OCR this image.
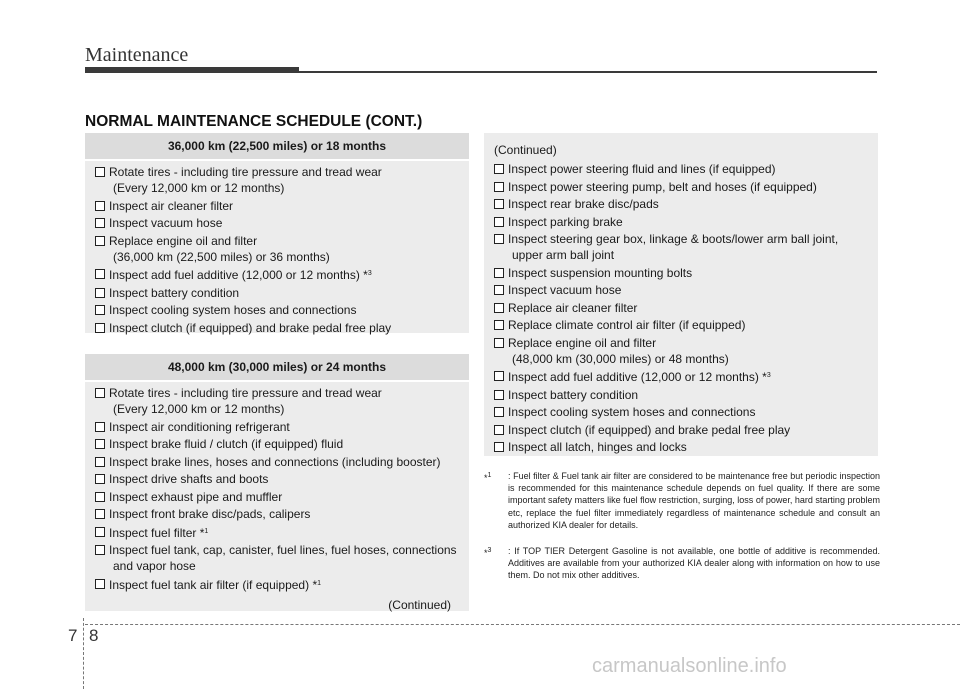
Maintenance
NORMAL MAINTENANCE SCHEDULE (CONT.)
36,000 km (22,500 miles) or 18 months
Rotate tires - including tire pressure and tread wear
(Every 12,000 km or 12 months)
Inspect air cleaner filter
Inspect vacuum hose
Replace engine oil and filter
(36,000 km (22,500 miles) or 36 months)
Inspect add fuel additive (12,000 or 12 months) *$^3$
Inspect battery condition
Inspect cooling system hoses and connections
Inspect clutch (if equipped) and brake pedal free play
48,000 km (30,000 miles) or 24 months
Rotate tires - including tire pressure and tread wear
(Every 12,000 km or 12 months)
Inspect air conditioning refrigerant
Inspect brake fluid / clutch (if equipped) fluid
Inspect brake lines, hoses and connections (including booster)
Inspect drive shafts and boots
Inspect exhaust pipe and muffler
Inspect front brake disc/pads, calipers
Inspect fuel filter *$^1$
Inspect fuel tank, cap, canister, fuel lines, fuel hoses, connections
and vapor hose
Inspect fuel tank air filter (if equipped) *$^1$
(Continued)
(Continued)
Inspect power steering fluid and lines (if equipped)
Inspect power steering pump, belt and hoses (if equipped)
Inspect rear brake disc/pads
Inspect parking brake
Inspect steering gear box, linkage & boots/lower arm ball joint,
upper arm ball joint
Inspect suspension mounting bolts
Inspect vacuum hose
Replace air cleaner filter
Replace climate control air filter (if equipped)
Replace engine oil and filter
(48,000 km (30,000 miles) or 48 months)
Inspect add fuel additive (12,000 or 12 months) *$^3$
Inspect battery condition
Inspect cooling system hoses and connections
Inspect clutch (if equipped) and brake pedal free play
Inspect all latch, hinges and locks
*$^1$	: Fuel filter & Fuel tank air filter are considered to be maintenance free but periodic inspection is recommended for this maintenance schedule depends on fuel quality. If there are some important safety matters like fuel flow restriction, surging, loss of power, hard starting problem etc, replace the fuel filter immediately regardless of maintenance schedule and consult an authorized KIA dealer for details.
*$^3$	: If TOP TIER Detergent Gasoline is not available, one bottle of additive is recommended. Additives are available from your authorized KIA dealer along with information on how to use them. Do not mix other additives.
7 8
carmanualsonline.info
